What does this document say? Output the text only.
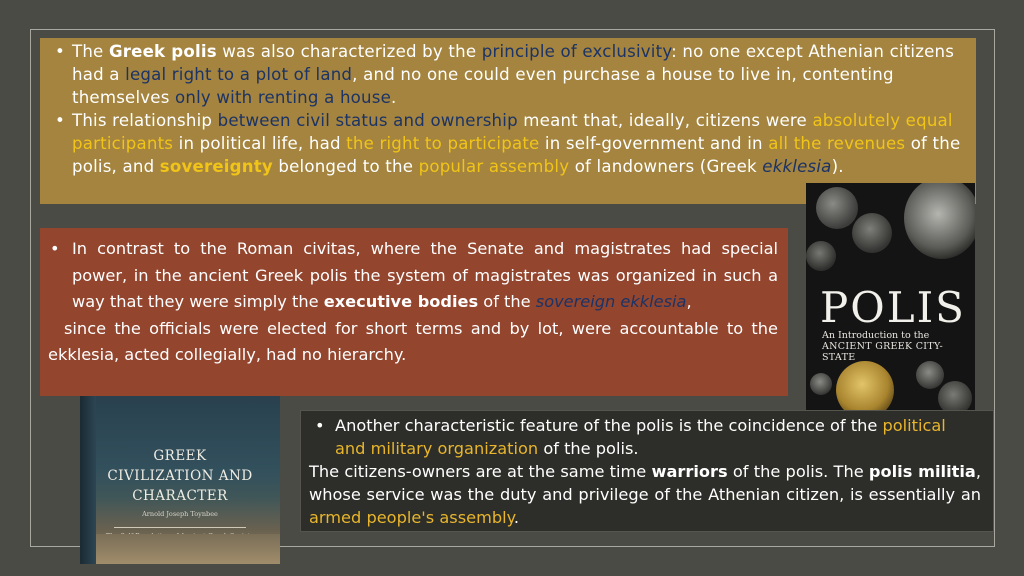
• The Greek polis was also characterized by the principle of exclusivity: no one except Athenian citizens had a legal right to a plot of land, and no one could even purchase a house to live in, contenting themselves only with renting a house.
• This relationship between civil status and ownership meant that, ideally, citizens were absolutely equal participants in political life, had the right to participate in self-government and in all the revenues of the polis, and sovereignty belonged to the popular assembly of landowners (Greek ekklesia).
• In contrast to the Roman civitas, where the Senate and magistrates had special power, in the ancient Greek polis the system of magistrates was organized in such a way that they were simply the executive bodies of the sovereign ekklesia,
since the officials were elected for short terms and by lot, were accountable to the ekklesia, acted collegially, had no hierarchy.
• Another characteristic feature of the polis is the coincidence of the political and military organization of the polis.
The citizens-owners are at the same time warriors of the polis. The polis militia, whose service was the duty and privilege of the Athenian citizen, is essentially an armed people's assembly.
POLIS
An Introduction to the
ANCIENT GREEK CITY-STATE
GREEK
CIVILIZATION AND
CHARACTER
Arnold Joseph Toynbee
